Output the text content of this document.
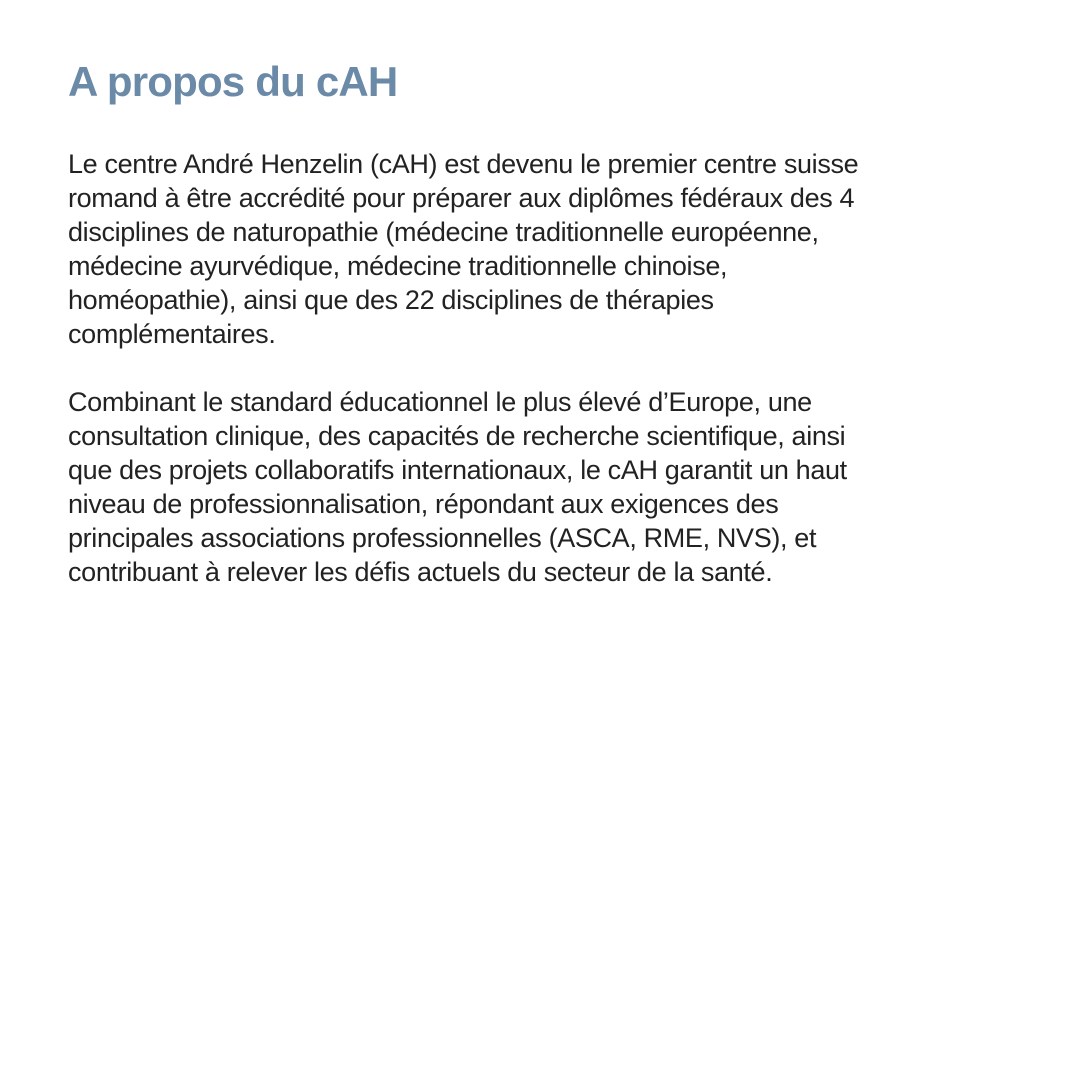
A propos du cAH

Le centre André Henzelin (cAH) est devenu le premier centre suisse
romand à être accrédité pour préparer aux diplômes fédéraux des 4
disciplines de naturopathie (médecine traditionnelle européenne,
médecine ayurvédique, médecine traditionnelle chinoise,
homéopathie), ainsi que des 22 disciplines de thérapies
complémentaires.

Combinant le standard éducationnel le plus élevé d’Europe, une
consultation clinique, des capacités de recherche scientifique, ainsi
que des projets collaboratifs internationaux, le cAH garantit un haut
niveau de professionnalisation, répondant aux exigences des
principales associations professionnelles (ASCA, RME, NVS), et
contribuant à relever les défis actuels du secteur de la santé.
